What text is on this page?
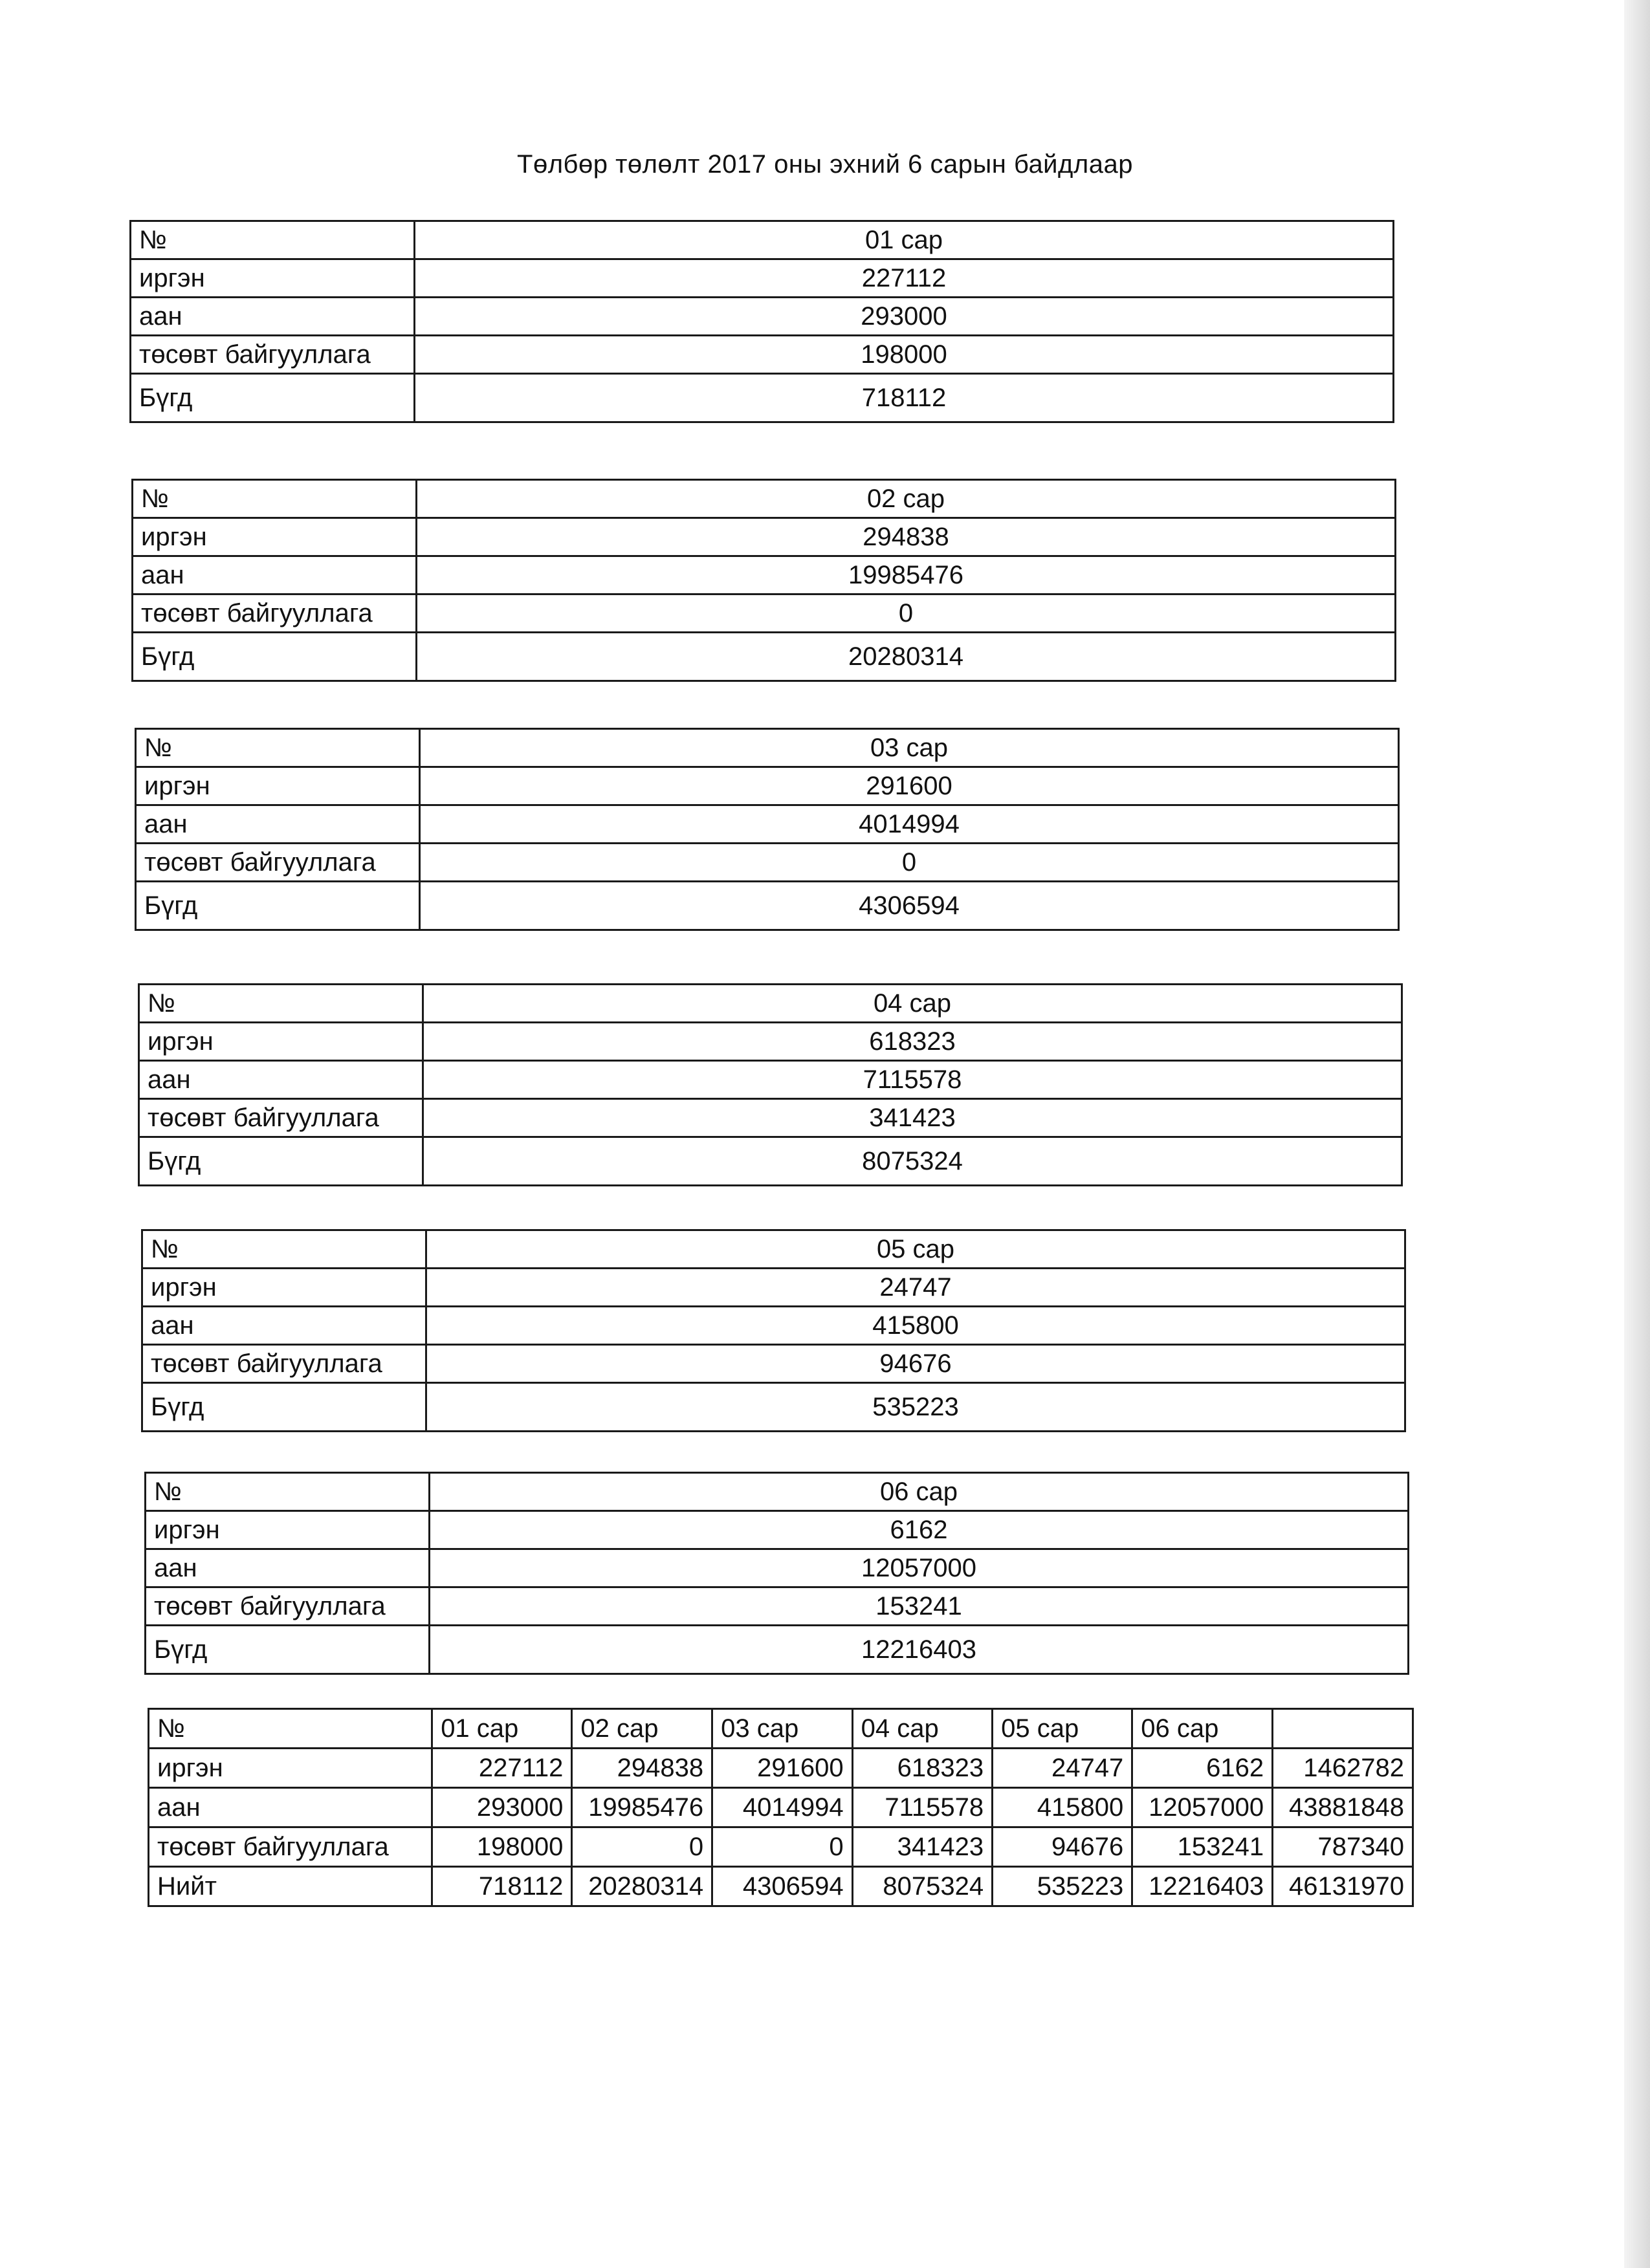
Төлбөр төлөлт 2017 оны эхний 6 сарын байдлаар
№	01 сар
иргэн	227112
аан	293000
төсөвт байгууллага	198000
Бүгд	718112
№	02 сар
иргэн	294838
аан	19985476
төсөвт байгууллага	0
Бүгд	20280314
№	03 сар
иргэн	291600
аан	4014994
төсөвт байгууллага	0
Бүгд	4306594
№	04 сар
иргэн	618323
аан	7115578
төсөвт байгууллага	341423
Бүгд	8075324
№	05 сар
иргэн	24747
аан	415800
төсөвт байгууллага	94676
Бүгд	535223
№	06 сар
иргэн	6162
аан	12057000
төсөвт байгууллага	153241
Бүгд	12216403
№	01 сар	02 сар	03 сар	04 сар	05 сар	06 сар	
иргэн	227112	294838	291600	618323	24747	6162	1462782
аан	293000	19985476	4014994	7115578	415800	12057000	43881848
төсөвт байгууллага	198000	0	0	341423	94676	153241	787340
Нийт	718112	20280314	4306594	8075324	535223	12216403	46131970
